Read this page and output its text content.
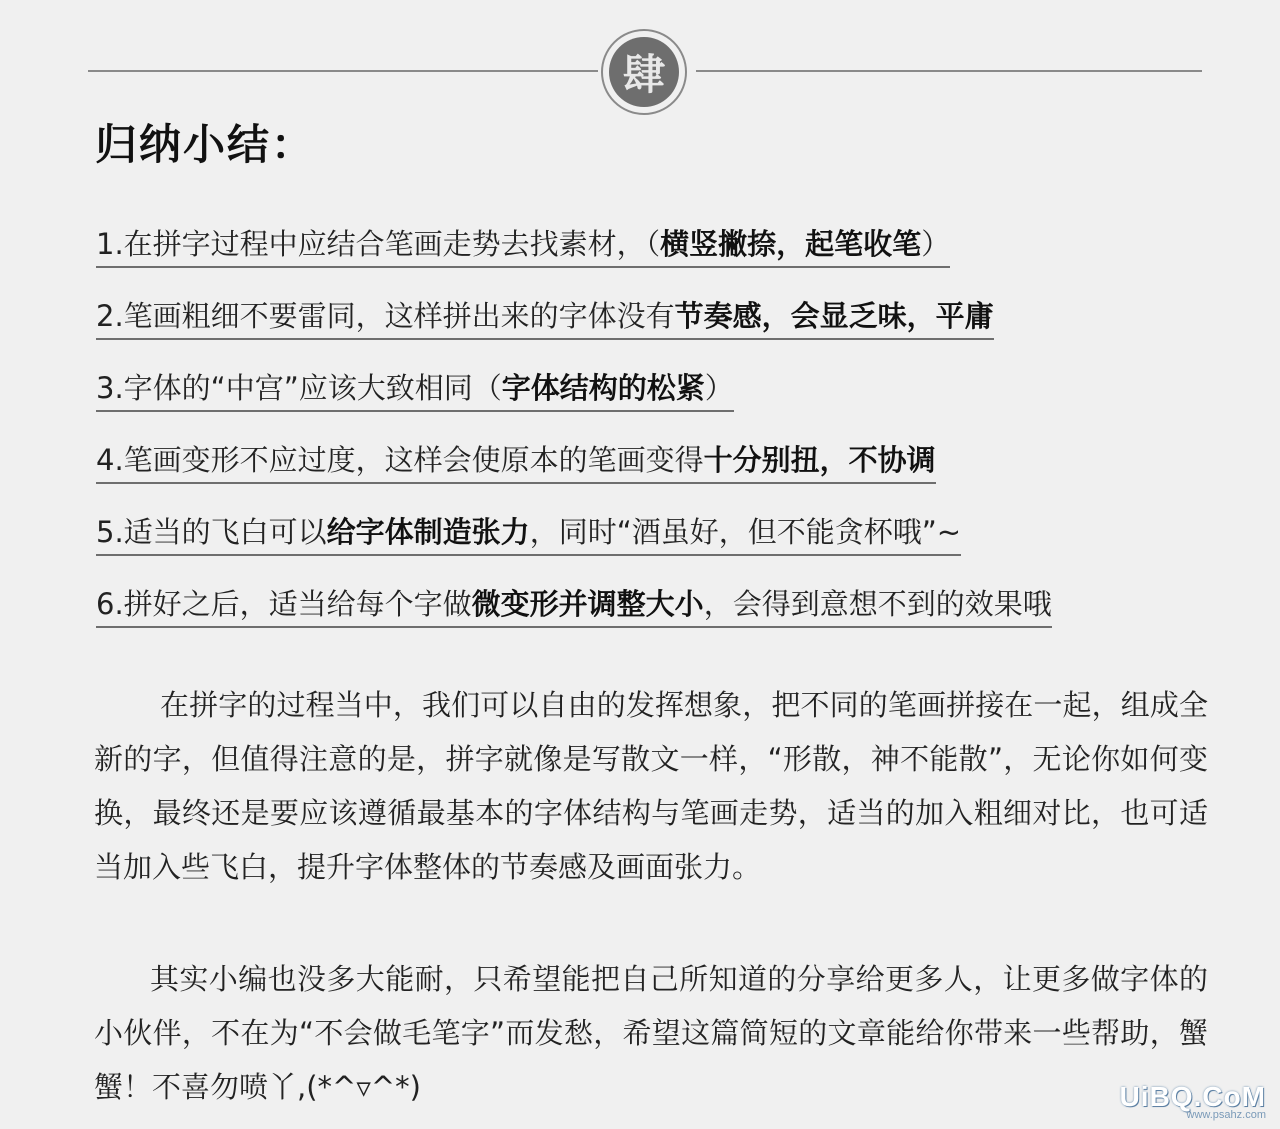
肆
归纳小结：
1.在拼字过程中应结合笔画走势去找素材，（横竖撇捺，起笔收笔）
2.笔画粗细不要雷同，这样拼出来的字体没有节奏感，会显乏味，平庸
3.字体的“中宫”应该大致相同（字体结构的松紧）
4.笔画变形不应过度，这样会使原本的笔画变得十分别扭，不协调
5.适当的飞白可以给字体制造张力，同时“酒虽好，但不能贪杯哦”~
6.拼好之后，适当给每个字做微变形并调整大小，会得到意想不到的效果哦

在拼字的过程当中，我们可以自由的发挥想象，把不同的笔画拼接在一起，组成全新的字，但值得注意的是，拼字就像是写散文一样，“形散，神不能散”，无论你如何变换，最终还是要应该遵循最基本的字体结构与笔画走势，适当的加入粗细对比，也可适当加入些飞白，提升字体整体的节奏感及画面张力。

其实小编也没多大能耐，只希望能把自己所知道的分享给更多人，让更多做字体的小伙伴，不在为“不会做毛笔字”而发愁，希望这篇简短的文章能给你带来一些帮助，蟹蟹！不喜勿喷丫,(*^▿^*)	UiBQ.CoM
www.psahz.com
